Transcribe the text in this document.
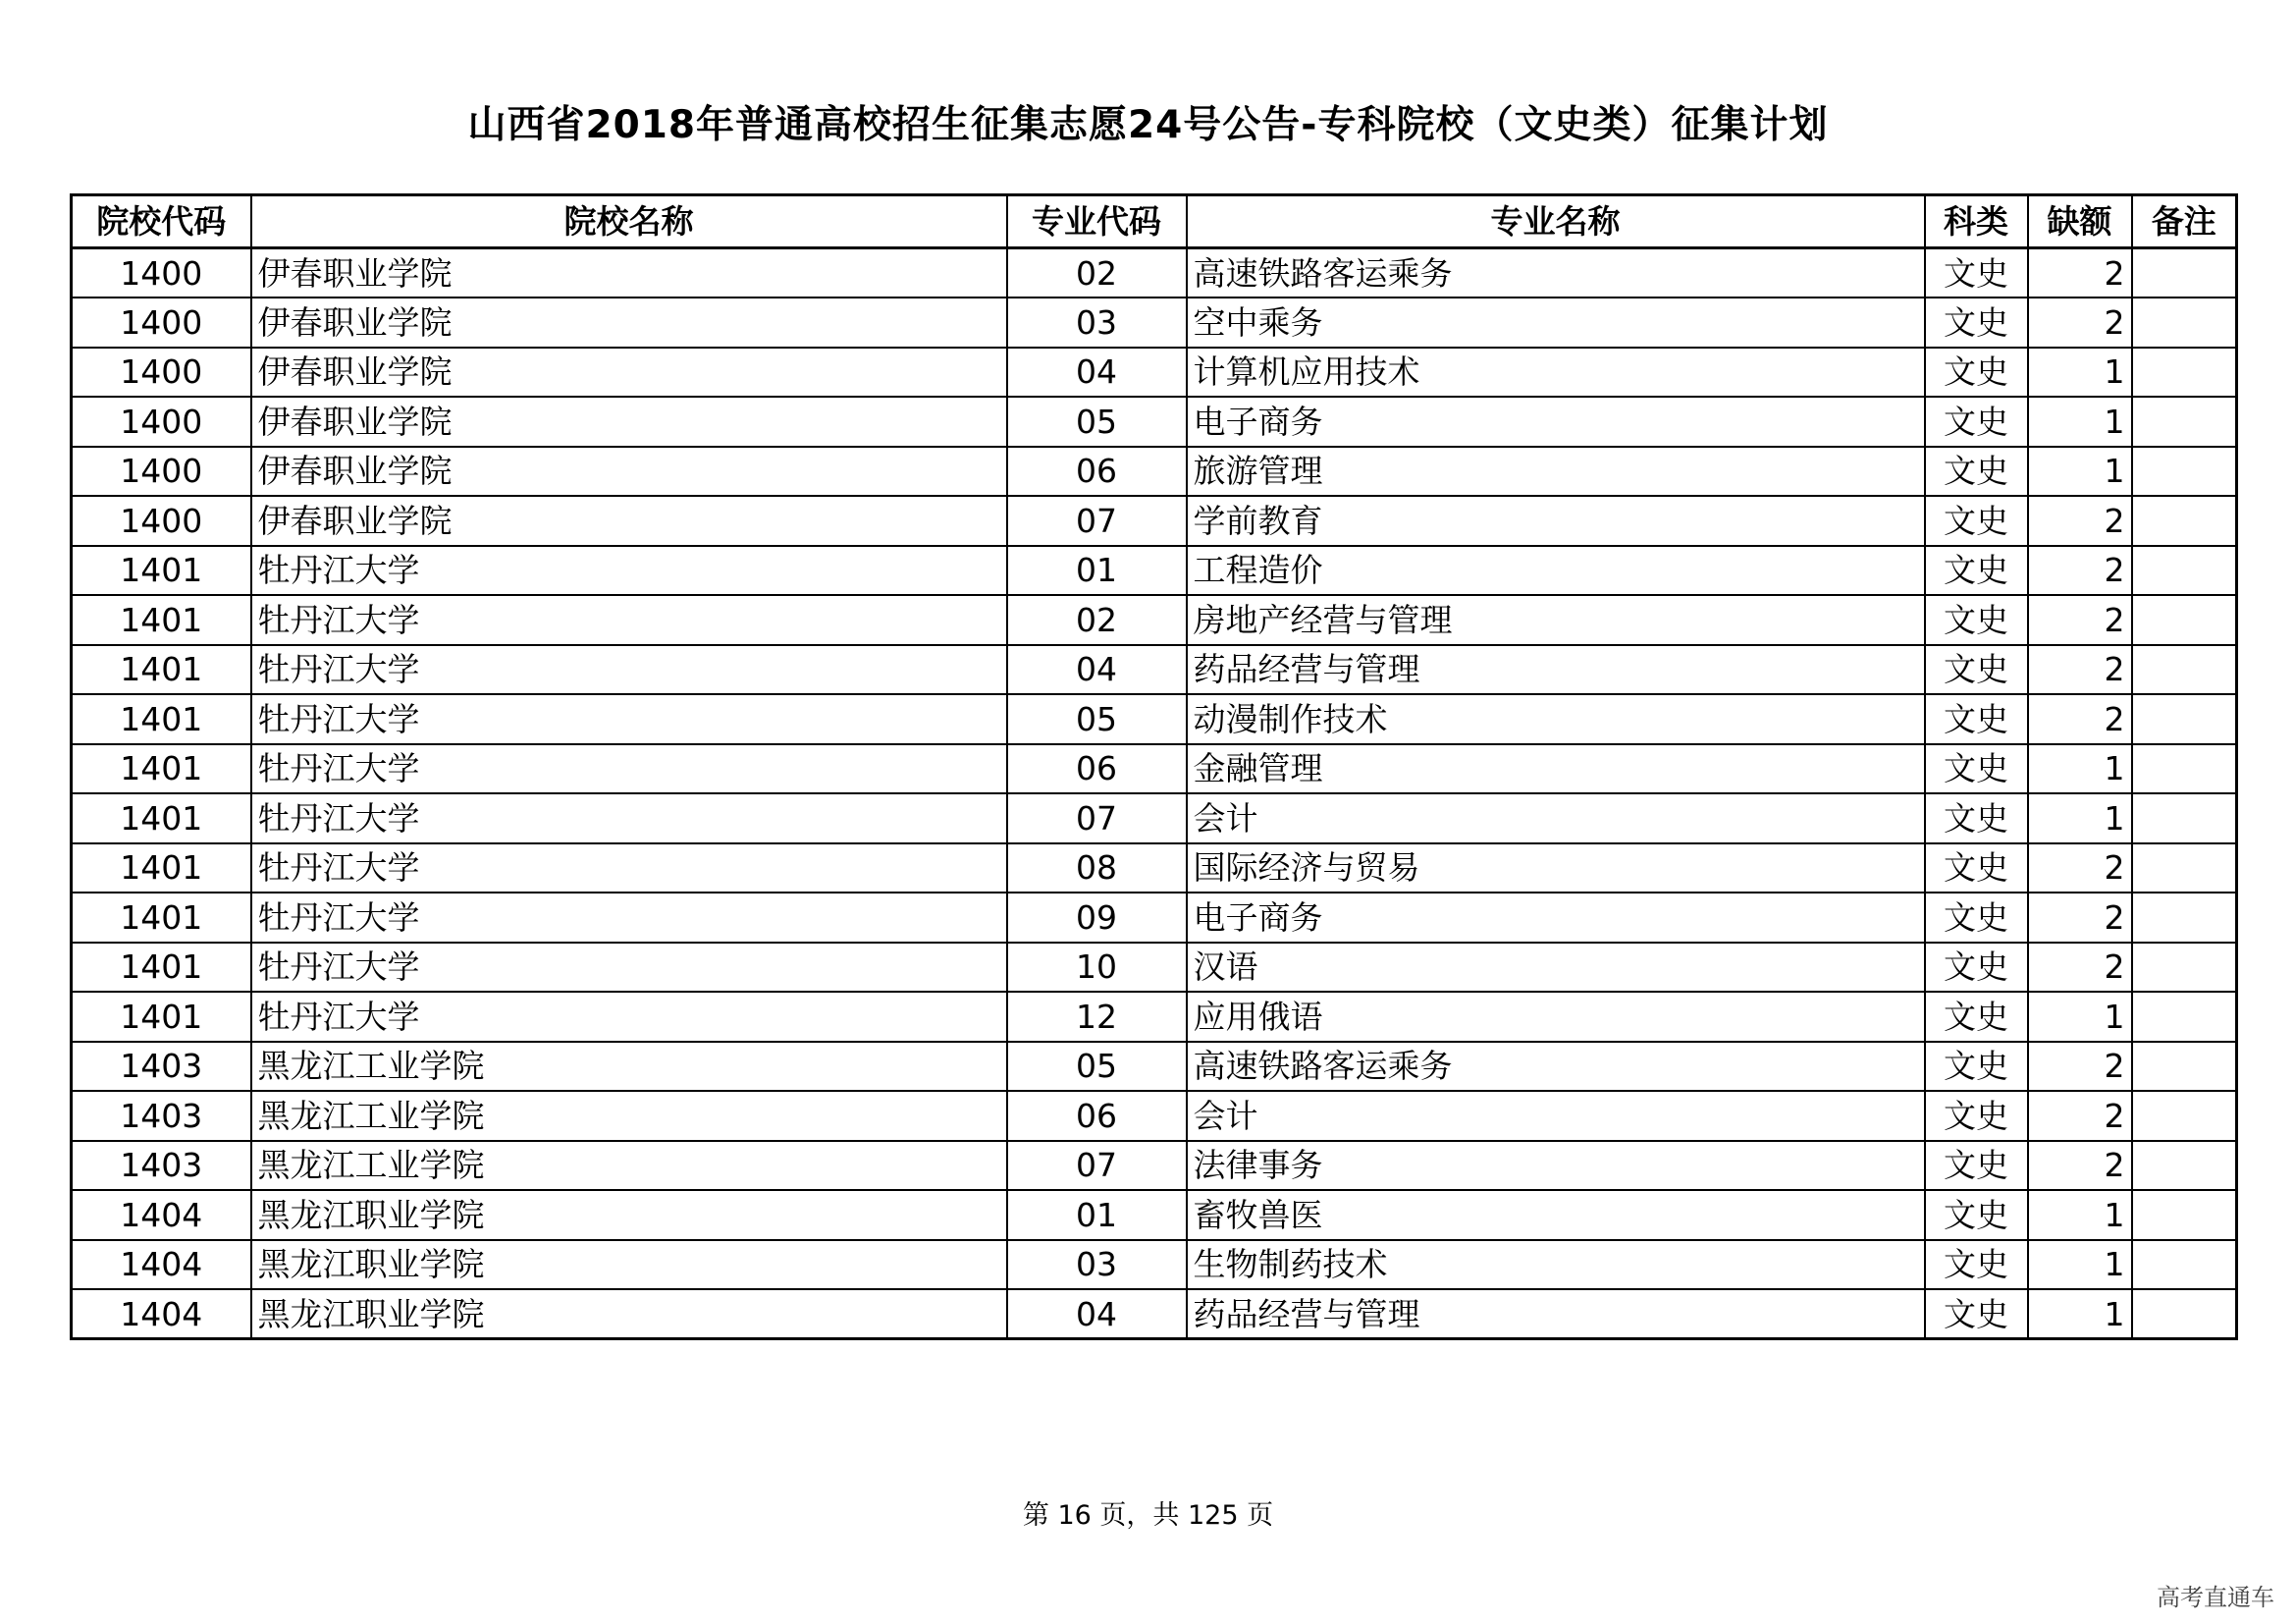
山西省2018年普通高校招生征集志愿24号公告-专科院校（文史类）征集计划
院校代码	院校名称	专业代码	专业名称	科类	缺额	备注
1400	伊春职业学院	02	高速铁路客运乘务	文史	2	
1400	伊春职业学院	03	空中乘务	文史	2	
1400	伊春职业学院	04	计算机应用技术	文史	1	
1400	伊春职业学院	05	电子商务	文史	1	
1400	伊春职业学院	06	旅游管理	文史	1	
1400	伊春职业学院	07	学前教育	文史	2	
1401	牡丹江大学	01	工程造价	文史	2	
1401	牡丹江大学	02	房地产经营与管理	文史	2	
1401	牡丹江大学	04	药品经营与管理	文史	2	
1401	牡丹江大学	05	动漫制作技术	文史	2	
1401	牡丹江大学	06	金融管理	文史	1	
1401	牡丹江大学	07	会计	文史	1	
1401	牡丹江大学	08	国际经济与贸易	文史	2	
1401	牡丹江大学	09	电子商务	文史	2	
1401	牡丹江大学	10	汉语	文史	2	
1401	牡丹江大学	12	应用俄语	文史	1	
1403	黑龙江工业学院	05	高速铁路客运乘务	文史	2	
1403	黑龙江工业学院	06	会计	文史	2	
1403	黑龙江工业学院	07	法律事务	文史	2	
1404	黑龙江职业学院	01	畜牧兽医	文史	1	
1404	黑龙江职业学院	03	生物制药技术	文史	1	
1404	黑龙江职业学院	04	药品经营与管理	文史	1	
第 16 页，共 125 页
高考直通车
